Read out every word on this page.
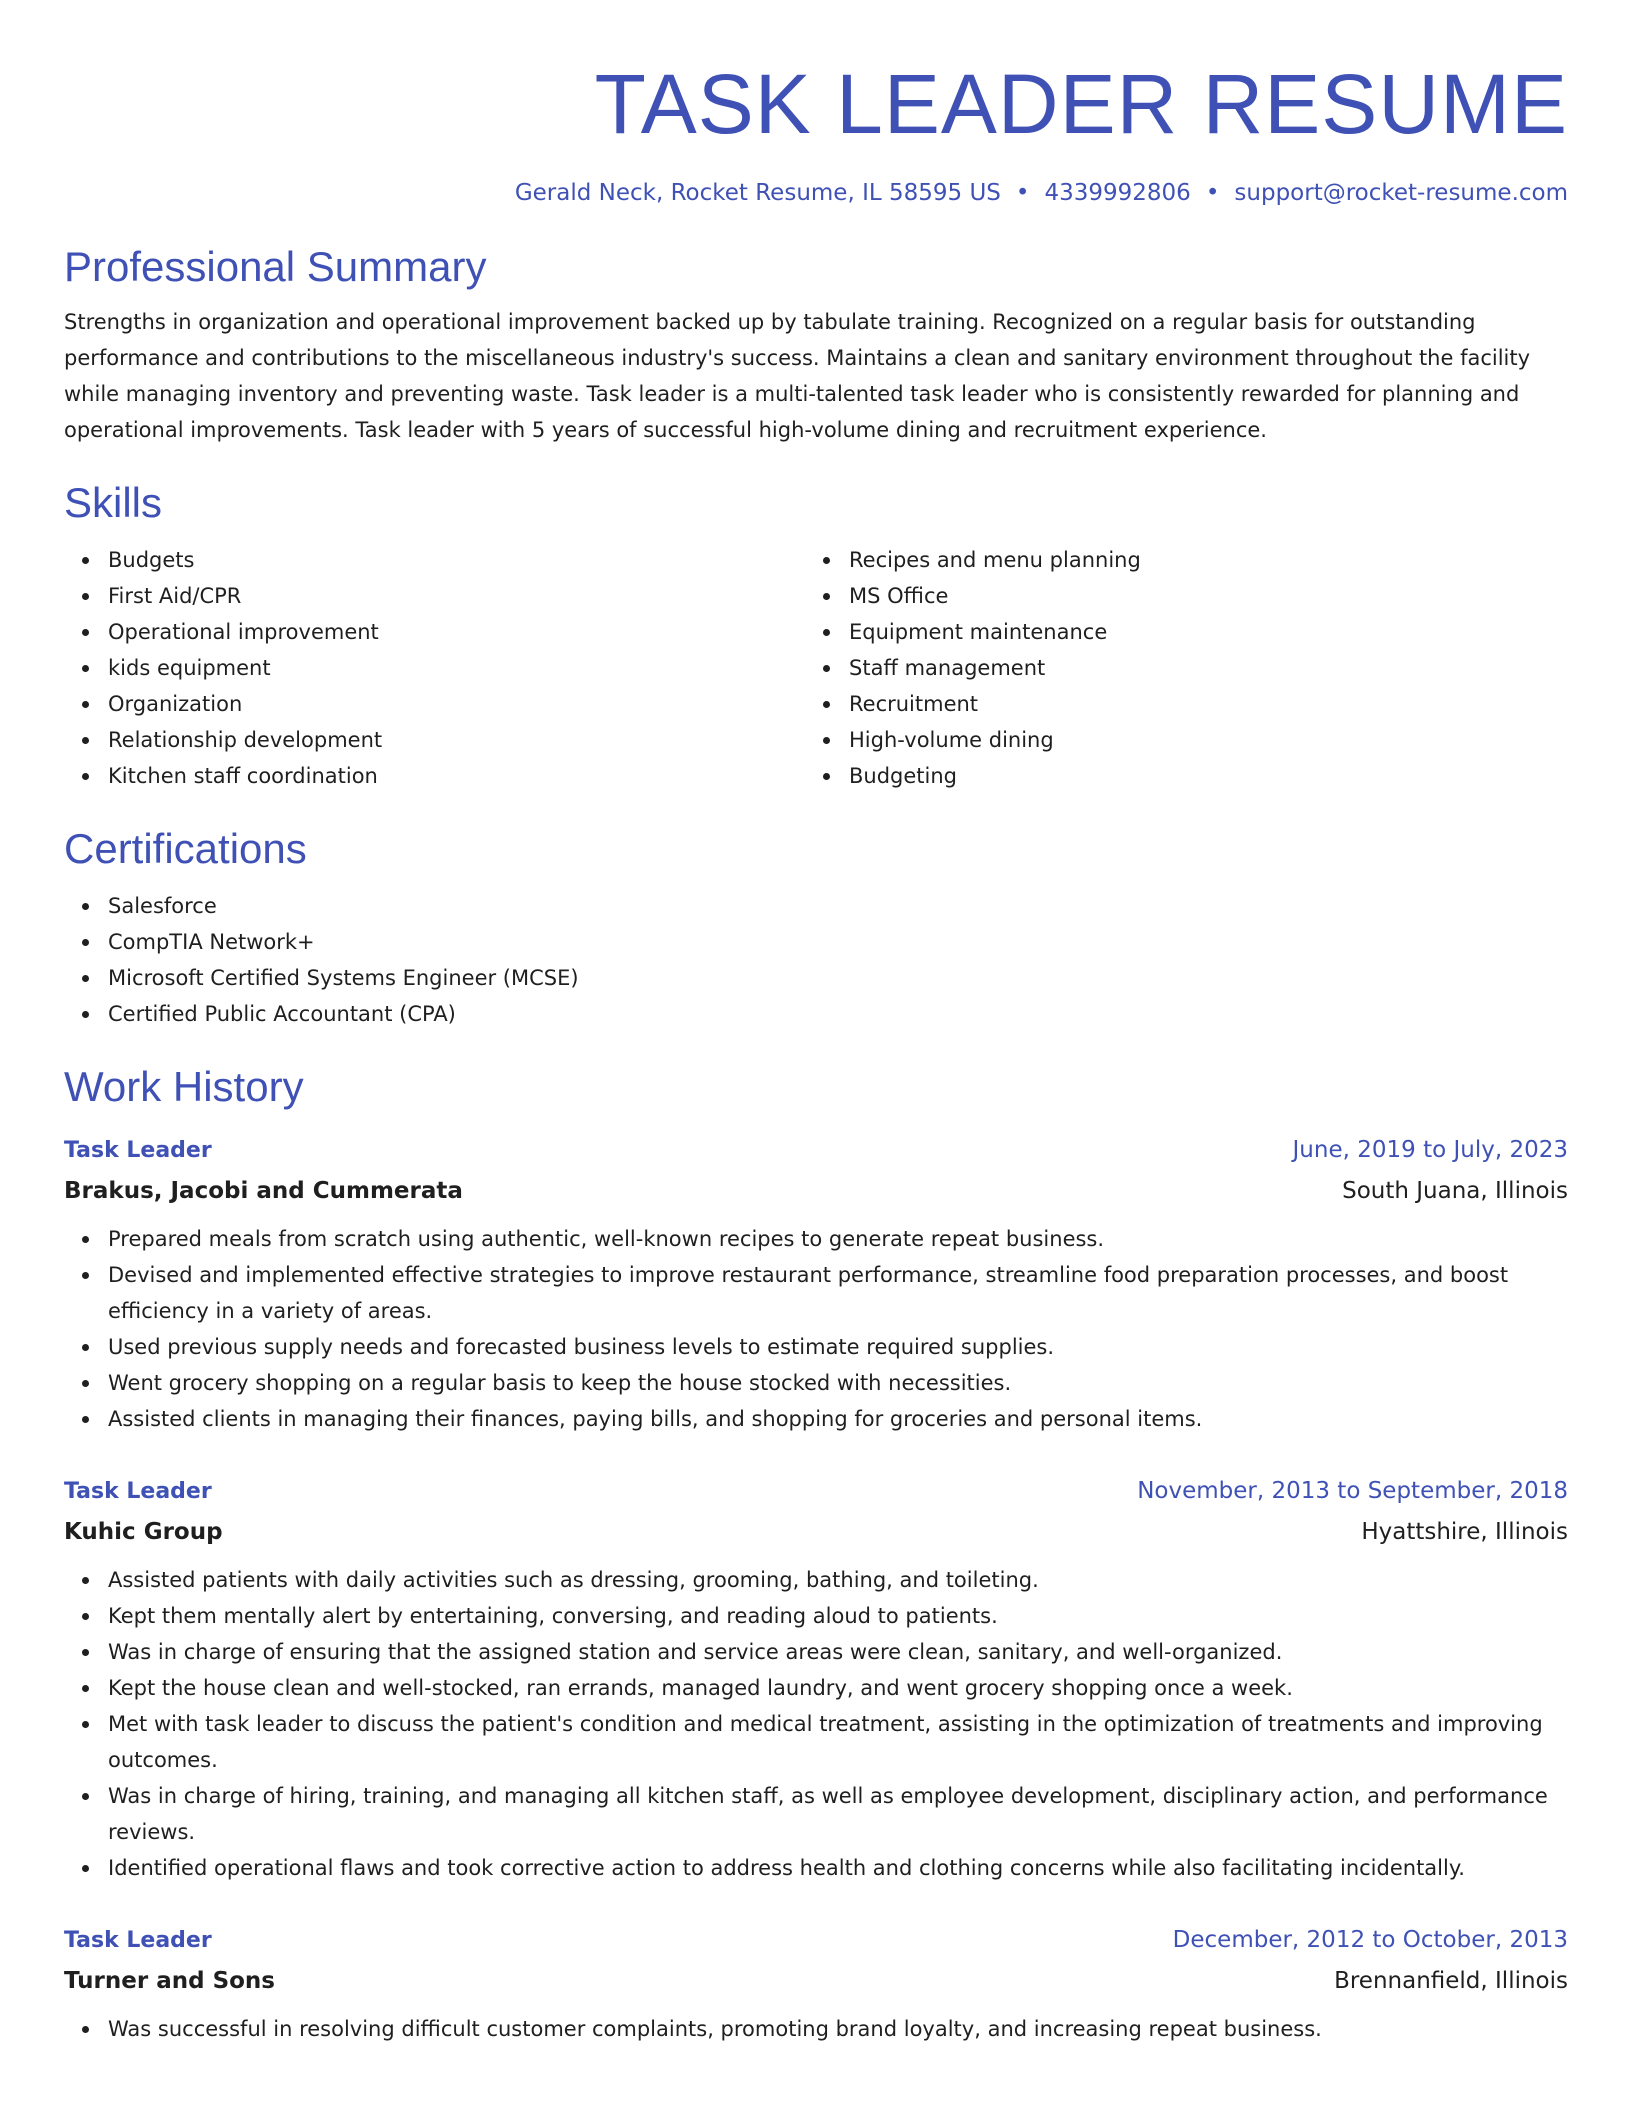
TASK LEADER RESUME
Gerald Neck, Rocket Resume, IL 58595 US • 4339992806 • support@rocket-resume.com
Professional Summary

Strengths in organization and operational improvement backed up by tabulate training. Recognized on a regular basis for outstanding performance and contributions to the miscellaneous industry's success. Maintains a clean and sanitary environment throughout the facility while managing inventory and preventing waste. Task leader is a multi-talented task leader who is consistently rewarded for planning and operational improvements. Task leader with 5 years of successful high-volume dining and recruitment experience.

Skills
Budgets
First Aid/CPR
Operational improvement
kids equipment
Organization
Relationship development
Kitchen staff coordination
Recipes and menu planning
MS Office
Equipment maintenance
Staff management
Recruitment
High-volume dining
Budgeting
Certifications
Salesforce
CompTIA Network+
Microsoft Certified Systems Engineer (MCSE)
Certified Public Accountant (CPA)
Work History
Task Leader	June, 2019 to July, 2023
Brakus, Jacobi and Cummerata	South Juana, Illinois
Prepared meals from scratch using authentic, well-known recipes to generate repeat business.
Devised and implemented effective strategies to improve restaurant performance, streamline food preparation processes, and boost efficiency in a variety of areas.
Used previous supply needs and forecasted business levels to estimate required supplies.
Went grocery shopping on a regular basis to keep the house stocked with necessities.
Assisted clients in managing their finances, paying bills, and shopping for groceries and personal items.
Task Leader	November, 2013 to September, 2018
Kuhic Group	Hyattshire, Illinois
Assisted patients with daily activities such as dressing, grooming, bathing, and toileting.
Kept them mentally alert by entertaining, conversing, and reading aloud to patients.
Was in charge of ensuring that the assigned station and service areas were clean, sanitary, and well-organized.
Kept the house clean and well-stocked, ran errands, managed laundry, and went grocery shopping once a week.
Met with task leader to discuss the patient's condition and medical treatment, assisting in the optimization of treatments and improving outcomes.
Was in charge of hiring, training, and managing all kitchen staff, as well as employee development, disciplinary action, and performance reviews.
Identified operational flaws and took corrective action to address health and clothing concerns while also facilitating incidentally.
Task Leader	December, 2012 to October, 2013
Turner and Sons	Brennanfield, Illinois
Was successful in resolving difficult customer complaints, promoting brand loyalty, and increasing repeat business.
